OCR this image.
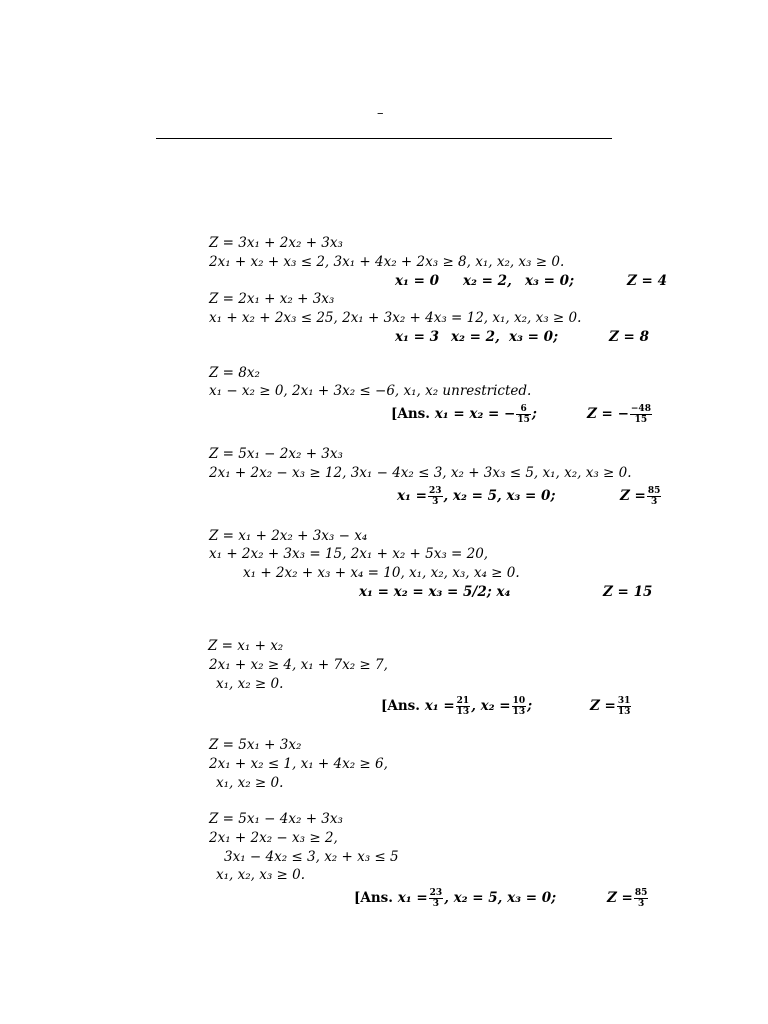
–
Z = 3x₁ + 2x₂ + 3x₃
2x₁ + x₂ + x₃ ≤ 2, 3x₁ + 4x₂ + 2x₃ ≥ 8, x₁, x₂, x₃ ≥ 0.
x₁ = 0 x₂ = 2, x₃ = 0;	Z = 4
Z = 2x₁ + x₂ + 3x₃
x₁ + x₂ + 2x₃ ≤ 25, 2x₁ + 3x₂ + 4x₃ = 12, x₁, x₂, x₃ ≥ 0.
x₁ = 3 x₂ = 2, x₃ = 0;	Z = 8
Z = 8x₂
x₁ − x₂ ≥ 0, 2x₁ + 3x₂ ≤ −6, x₁, x₂ unrestricted.
[Ans. x₁ = x₂ = − $\frac{6}{15}$ ;	Z = − $\frac{-48}{15}$
Z = 5x₁ − 2x₂ + 3x₃
2x₁ + 2x₂ − x₃ ≥ 12, 3x₁ − 4x₂ ≤ 3, x₂ + 3x₃ ≤ 5, x₁, x₂, x₃ ≥ 0.
$x_1 = \frac{23}{3}$ , x₂ = 5, x₃ = 0;	$Z = \frac{85}{3}$
Z = x₁ + 2x₂ + 3x₃ − x₄
x₁ + 2x₂ + 3x₃ = 15, 2x₁ + x₂ + 5x₃ = 20,
x₁ + 2x₂ + x₃ + x₄ = 10, x₁, x₂, x₃, x₄ ≥ 0.
x₁ = x₂ = x₃ = 5/2; x₄	Z = 15
Z = x₁ + x₂
2x₁ + x₂ ≥ 4, x₁ + 7x₂ ≥ 7,
x₁, x₂ ≥ 0.
[Ans. $x_1 = \frac{21}{13}$ , $x_2 = \frac{10}{13}$ ;	$Z = \frac{31}{13}$
Z = 5x₁ + 3x₂
2x₁ + x₂ ≤ 1, x₁ + 4x₂ ≥ 6,
x₁, x₂ ≥ 0.
Z = 5x₁ − 4x₂ + 3x₃
2x₁ + 2x₂ − x₃ ≥ 2,
3x₁ − 4x₂ ≤ 3, x₂ + x₃ ≤ 5
x₁, x₂, x₃ ≥ 0.
[Ans. $x_1 = \frac{23}{3}$ , x₂ = 5, x₃ = 0;	$Z = \frac{85}{3}$
